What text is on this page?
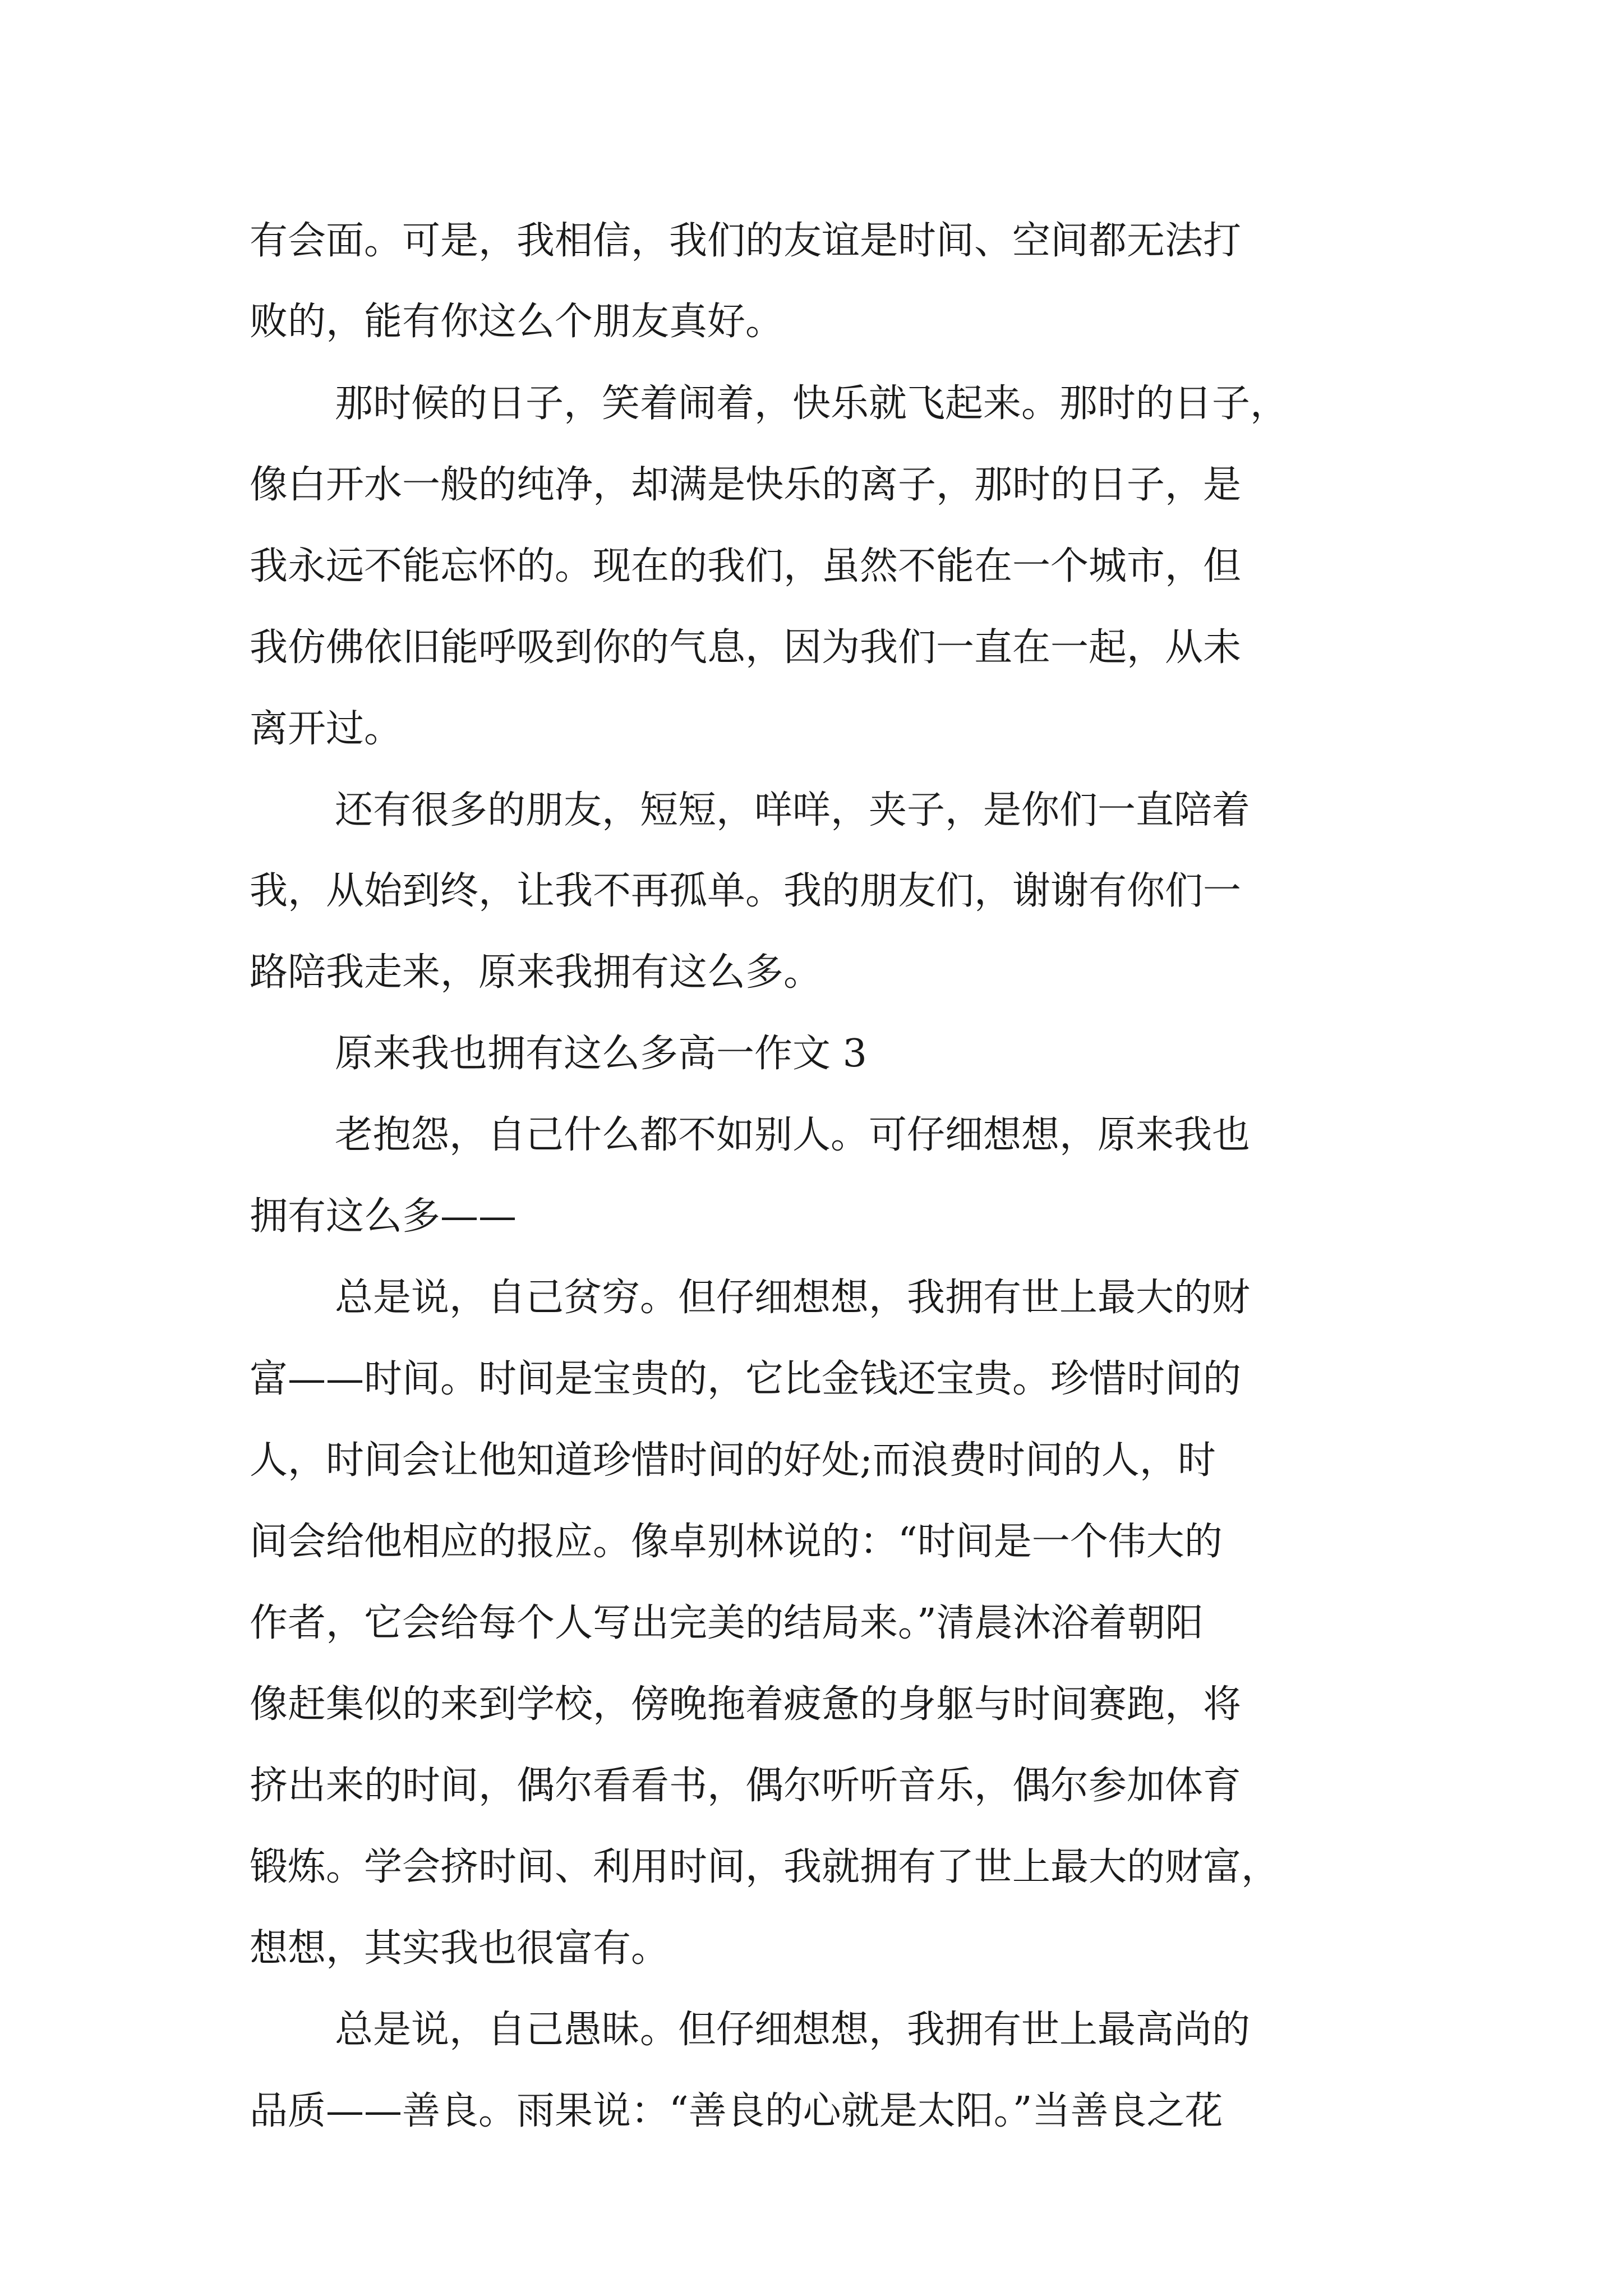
有会面。可是，我相信，我们的友谊是时间、空间都无法打
败的，能有你这么个朋友真好。
那时候的日子，笑着闹着，快乐就飞起来。那时的日子，
像白开水一般的纯净，却满是快乐的离子，那时的日子，是
我永远不能忘怀的。现在的我们，虽然不能在一个城市，但
我仿佛依旧能呼吸到你的气息，因为我们一直在一起，从未
离开过。
还有很多的朋友，短短，咩咩，夹子，是你们一直陪着
我，从始到终，让我不再孤单。我的朋友们，谢谢有你们一
路陪我走来，原来我拥有这么多。
原来我也拥有这么多高一作文 3
老抱怨，自己什么都不如别人。可仔细想想，原来我也
拥有这么多——
总是说，自己贫穷。但仔细想想，我拥有世上最大的财
富——时间。时间是宝贵的，它比金钱还宝贵。珍惜时间的
人，时间会让他知道珍惜时间的好处;而浪费时间的人，时
间会给他相应的报应。像卓别林说的：“时间是一个伟大的
作者，它会给每个人写出完美的结局来。”清晨沐浴着朝阳
像赶集似的来到学校，傍晚拖着疲惫的身躯与时间赛跑，将
挤出来的时间，偶尔看看书，偶尔听听音乐，偶尔参加体育
锻炼。学会挤时间、利用时间，我就拥有了世上最大的财富，
想想，其实我也很富有。
总是说，自己愚昧。但仔细想想，我拥有世上最高尚的
品质——善良。雨果说：“善良的心就是太阳。”当善良之花
